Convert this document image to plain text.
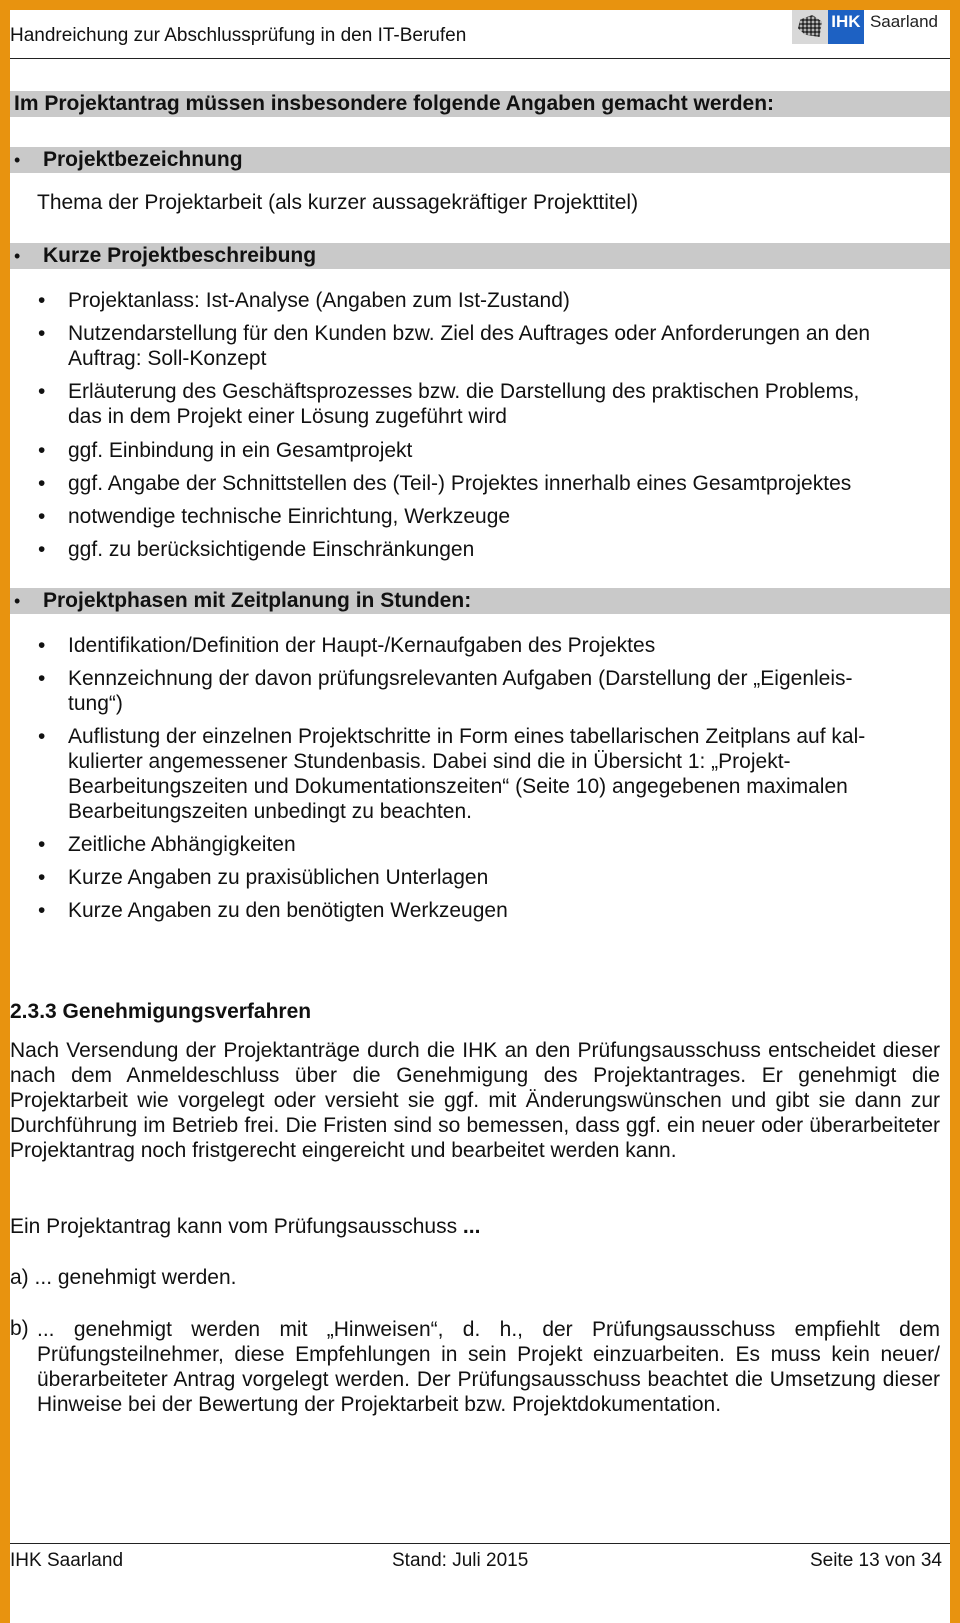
Handreichung zur Abschlussprüfung in den IT-Berufen
IHK Saarland
Im Projektantrag müssen insbesondere folgende Angaben gemacht werden:
• Projektbezeichnung
Thema der Projektarbeit (als kurzer aussagekräftiger Projekttitel)
• Kurze Projektbeschreibung
• Projektanlass: Ist-Analyse (Angaben zum Ist-Zustand)
• Nutzendarstellung für den Kunden bzw. Ziel des Auftrages oder Anforderungen an den
Auftrag: Soll-Konzept
• Erläuterung des Geschäftsprozesses bzw. die Darstellung des praktischen Problems,
das in dem Projekt einer Lösung zugeführt wird
• ggf. Einbindung in ein Gesamtprojekt
• ggf. Angabe der Schnittstellen des (Teil-) Projektes innerhalb eines Gesamtprojektes
• notwendige technische Einrichtung, Werkzeuge
• ggf. zu berücksichtigende Einschränkungen
• Projektphasen mit Zeitplanung in Stunden:
• Identifikation/Definition der Haupt-/Kernaufgaben des Projektes
• Kennzeichnung der davon prüfungsrelevanten Aufgaben (Darstellung der „Eigenleis-
tung“)
• Auflistung der einzelnen Projektschritte in Form eines tabellarischen Zeitplans auf kal-
kulierter angemessener Stundenbasis. Dabei sind die in Übersicht 1: „Projekt-
Bearbeitungszeiten und Dokumentationszeiten“ (Seite 10) angegebenen maximalen
Bearbeitungszeiten unbedingt zu beachten.
• Zeitliche Abhängigkeiten
• Kurze Angaben zu praxisüblichen Unterlagen
• Kurze Angaben zu den benötigten Werkzeugen
2.3.3 Genehmigungsverfahren
Nach Versendung der Projektanträge durch die IHK an den Prüfungsausschuss entscheidet dieser nach dem Anmeldeschluss über die Genehmigung des Projektantrages. Er genehmigt die Projektarbeit wie vorgelegt oder versieht sie ggf. mit Änderungswünschen und gibt sie dann zur Durchführung im Betrieb frei. Die Fristen sind so bemessen, dass ggf. ein neuer oder überarbeiteter Projektantrag noch fristgerecht eingereicht und bearbeitet werden kann.
Ein Projektantrag kann vom Prüfungsausschuss ...
a) ... genehmigt werden.
b) ... genehmigt werden mit „Hinweisen“, d. h., der Prüfungsausschuss empfiehlt dem Prüfungsteilnehmer, diese Empfehlungen in sein Projekt einzuarbeiten. Es muss kein neuer/überarbeiteter Antrag vorgelegt werden. Der Prüfungsausschuss beachtet die Umsetzung dieser Hinweise bei der Bewertung der Projektarbeit bzw. Projektdokumentation.
IHK Saarland	Stand: Juli 2015	Seite 13 von 34
